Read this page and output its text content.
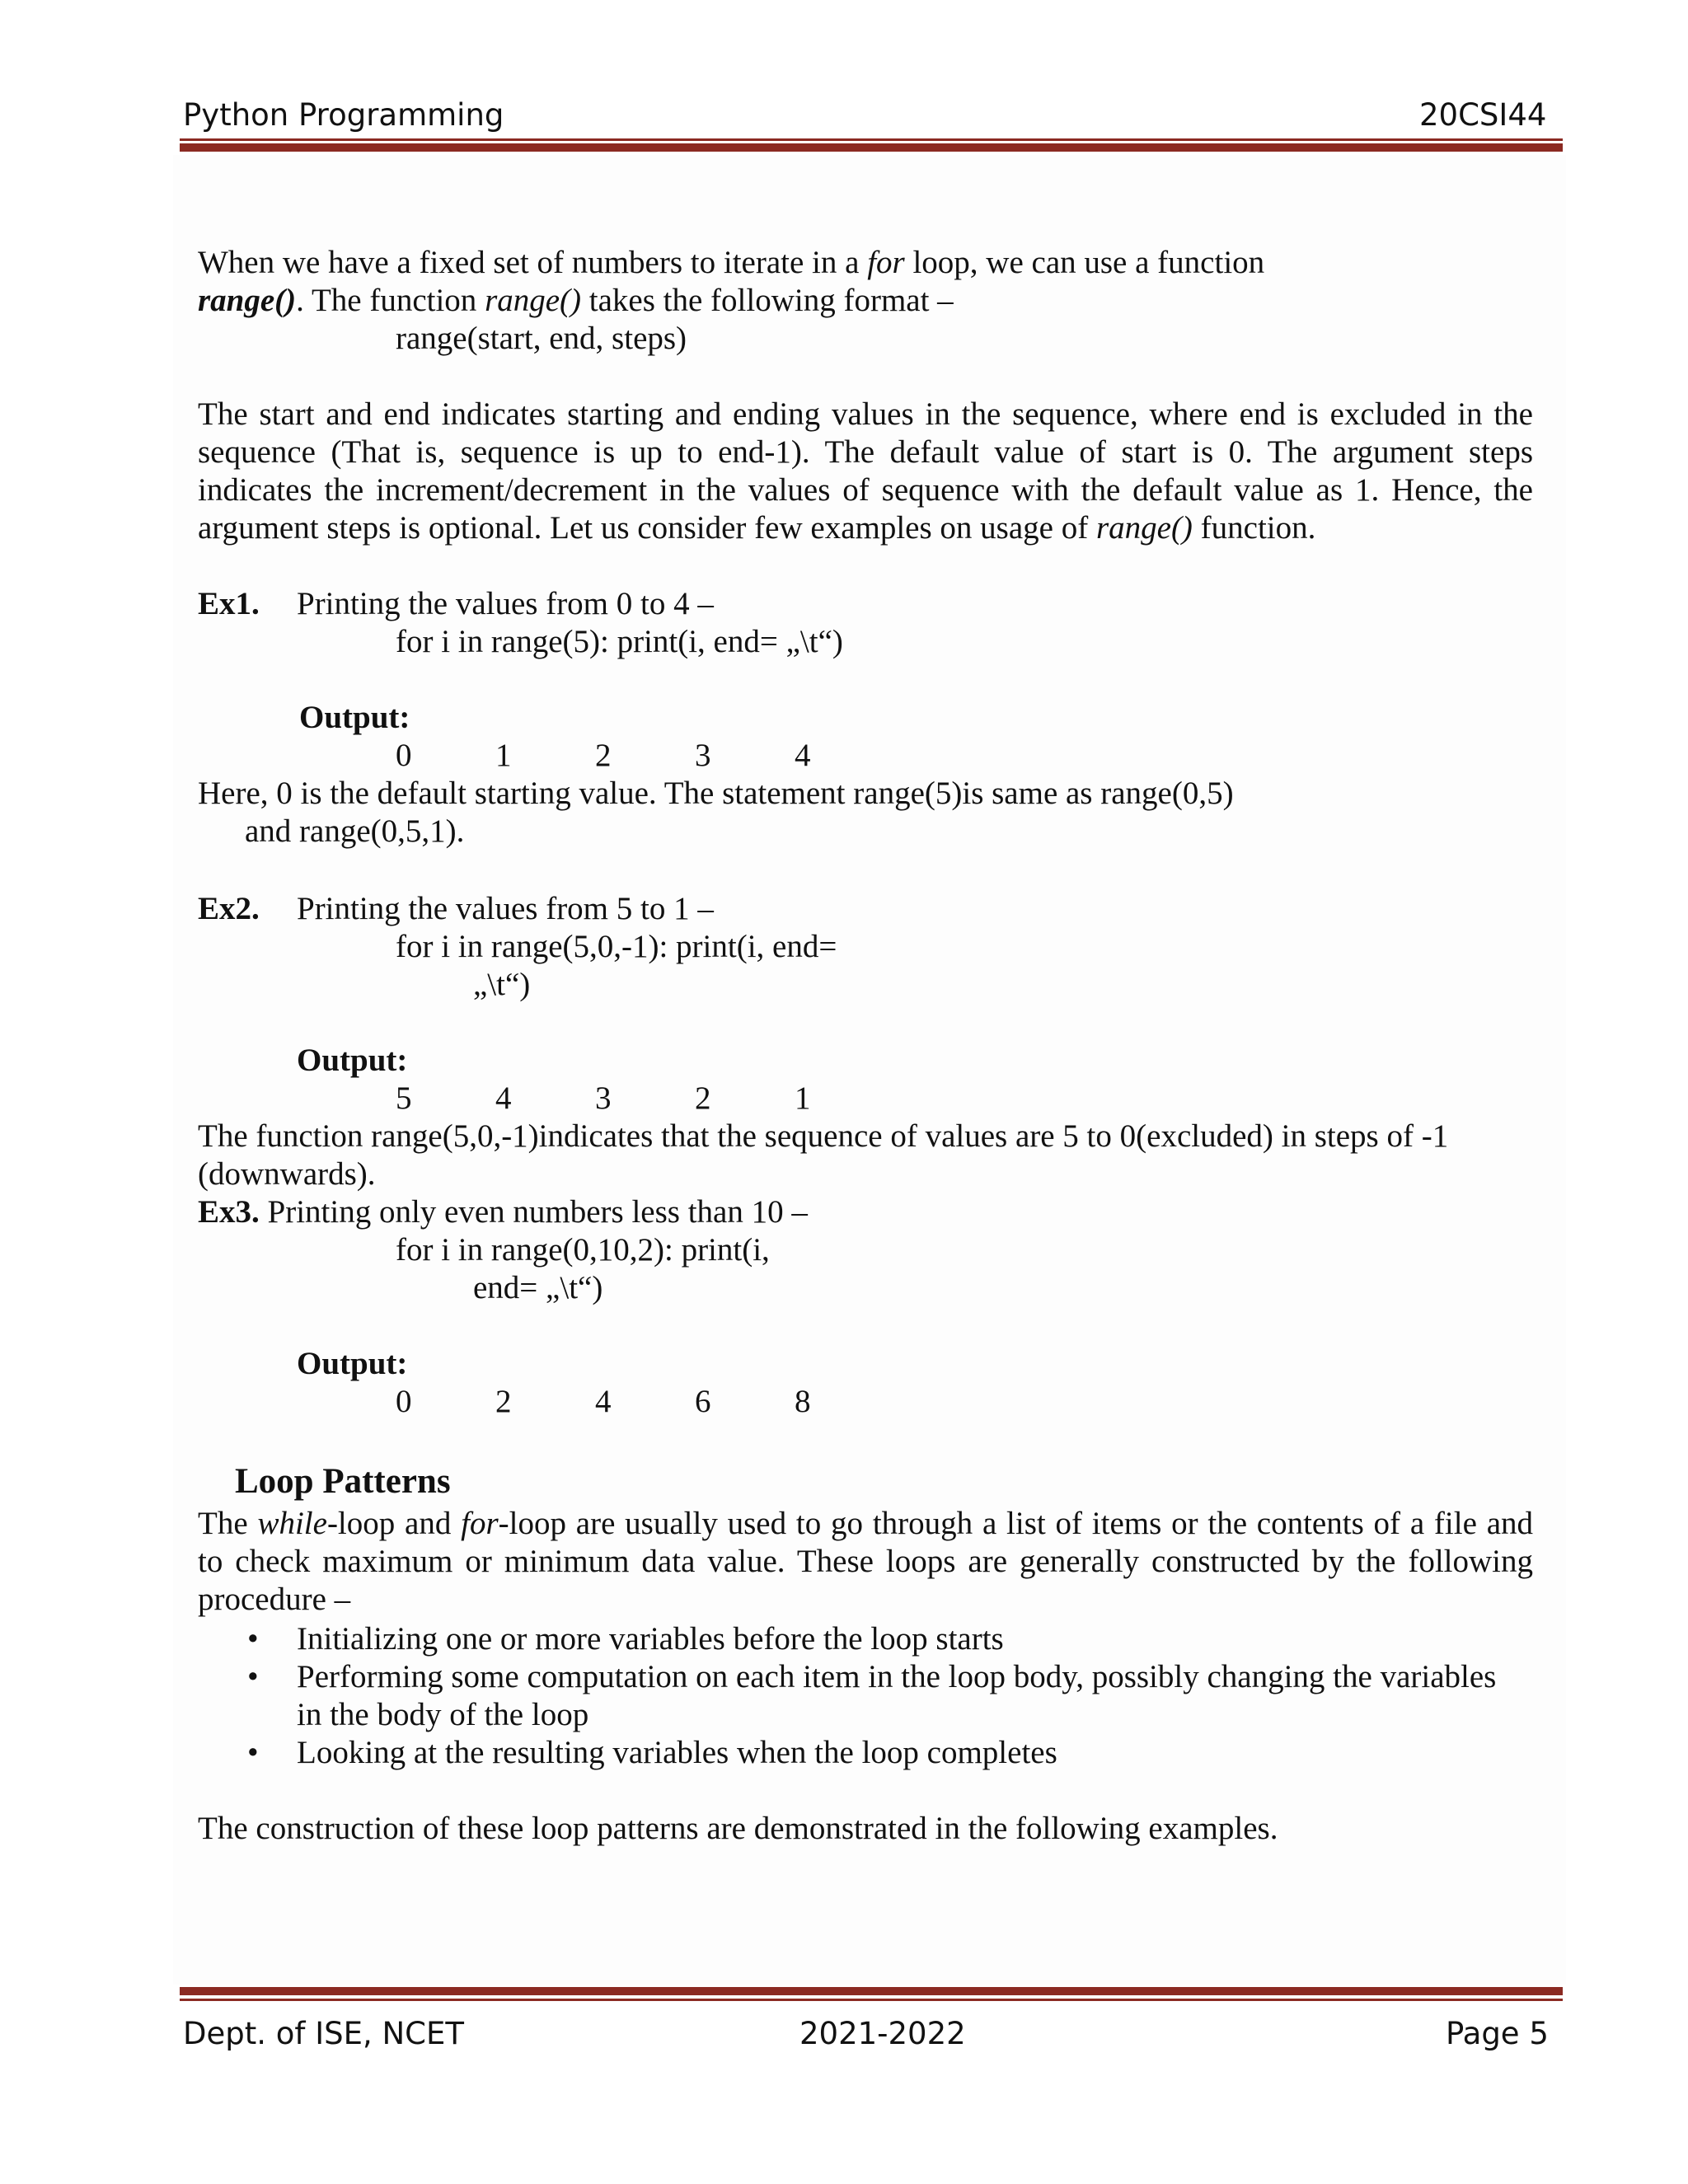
Python Programming	20CSI44
When we have a fixed set of numbers to iterate in a for loop, we can use a function
range(). The function range() takes the following format –
range(start, end, steps)
The start and end indicates starting and ending values in the sequence, where end is excluded in the
sequence (That is, sequence is up to end-1). The default value of start is 0. The argument steps
indicates the increment/decrement in the values of sequence with the default value as 1. Hence, the
argument steps is optional. Let us consider few examples on usage of range() function.
Ex1. Printing the values from 0 to 4 –
for i in range(5): print(i, end= „\t“)
Output:
0	1	2	3	4
Here, 0 is the default starting value. The statement range(5)is same as range(0,5)
and range(0,5,1).
Ex2. Printing the values from 5 to 1 –
for i in range(5,0,-1): print(i, end=
„\t“)
Output:
5	4	3	2	1
The function range(5,0,-1)indicates that the sequence of values are 5 to 0(excluded) in steps of -1
(downwards).
Ex3. Printing only even numbers less than 10 –
for i in range(0,10,2): print(i,
end= „\t“)
Output:
0	2	4	6	8
Loop Patterns
The while-loop and for-loop are usually used to go through a list of items or the contents of a file and
to check maximum or minimum data value. These loops are generally constructed by the following
procedure –
• Initializing one or more variables before the loop starts
• Performing some computation on each item in the loop body, possibly changing the variables
in the body of the loop
• Looking at the resulting variables when the loop completes
The construction of these loop patterns are demonstrated in the following examples.
Dept. of ISE, NCET	2021-2022	Page 5
